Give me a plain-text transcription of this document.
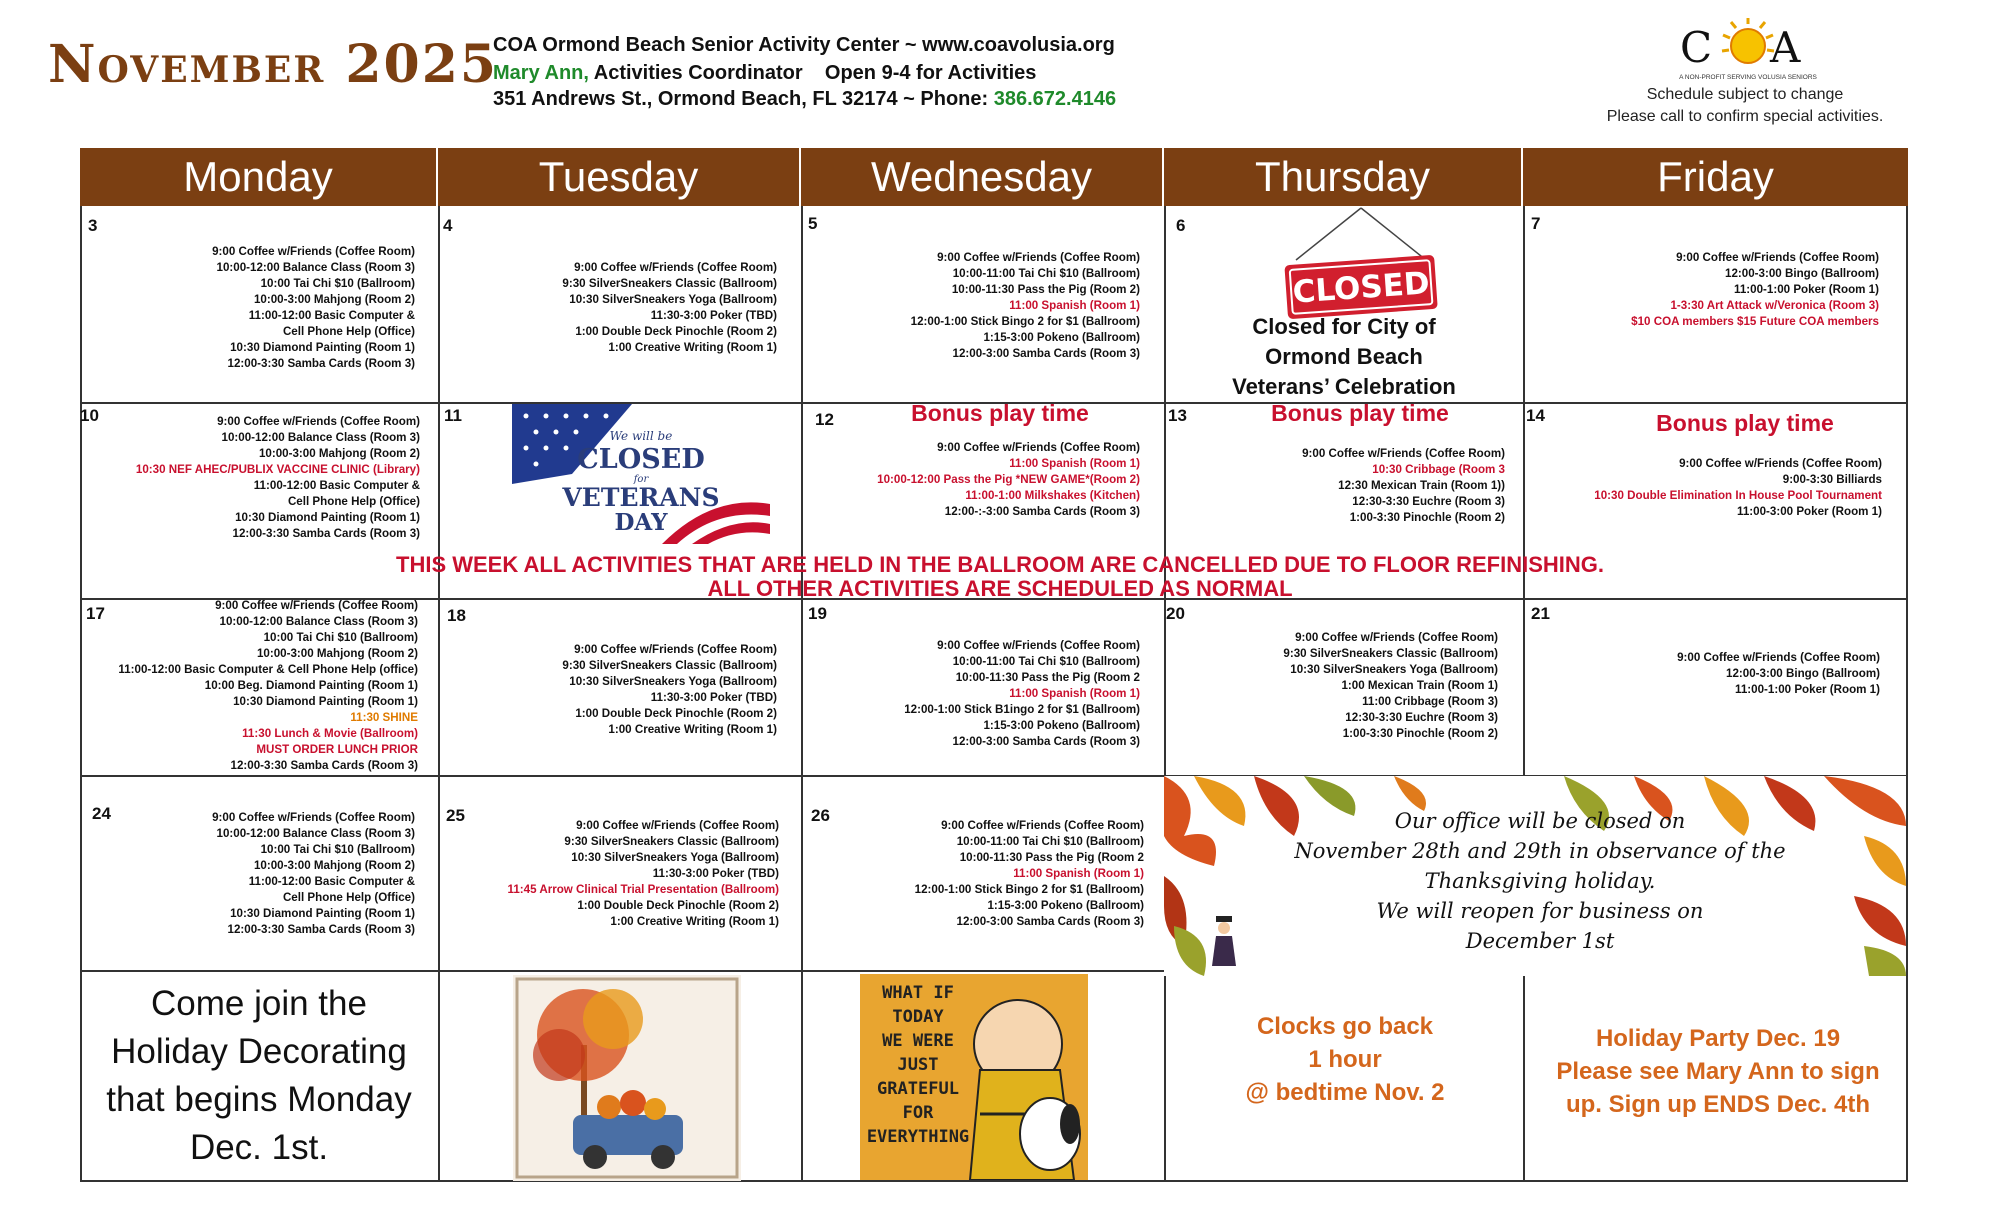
November 2025
COA Ormond Beach Senior Activity Center ~ www.coavolusia.org
Mary Ann, Activities Coordinator    Open 9-4 for Activities
351 Andrews St., Ormond Beach, FL 32174 ~ Phone: 386.672.4146
C A
A NON-PROFIT SERVING VOLUSIA SENIORS
Schedule subject to change
Please call to confirm special activities.
Monday	Tuesday	Wednesday	Thursday	Friday
3
9:00 Coffee w/Friends (Coffee Room)
10:00-12:00 Balance Class (Room 3)
10:00 Tai Chi $10 (Ballroom)
10:00-3:00 Mahjong (Room 2)
11:00-12:00 Basic Computer &
Cell Phone Help (Office)
10:30 Diamond Painting (Room 1)
12:00-3:30 Samba Cards (Room 3)
4
9:00 Coffee w/Friends (Coffee Room)
9:30 SilverSneakers Classic (Ballroom)
10:30 SilverSneakers Yoga (Ballroom)
11:30-3:00 Poker (TBD)
1:00 Double Deck Pinochle (Room 2)
1:00 Creative Writing (Room 1)
5
9:00 Coffee w/Friends (Coffee Room)
10:00-11:00 Tai Chi $10 (Ballroom)
10:00-11:30 Pass the Pig (Room 2)
11:00 Spanish (Room 1)
12:00-1:00 Stick Bingo 2 for $1 (Ballroom)
1:15-3:00 Pokeno (Ballroom)
12:00-3:00 Samba Cards (Room 3)
6
CLOSED
Closed for City of
Ormond Beach
Veterans’ Celebration
7
9:00 Coffee w/Friends (Coffee Room)
12:00-3:00 Bingo (Ballroom)
11:00-1:00 Poker (Room 1)
1-3:30 Art Attack w/Veronica (Room 3)
$10 COA members $15 Future COA members
10	9:00 Coffee w/Friends (Coffee Room)
10:00-12:00 Balance Class (Room 3)
10:00-3:00 Mahjong (Room 2)
10:30 NEF AHEC/PUBLIX VACCINE CLINIC (Library)
11:00-12:00 Basic Computer &
Cell Phone Help (Office)
10:30 Diamond Painting (Room 1)
12:00-3:30 Samba Cards (Room 3)
11
We will be
CLOSED
for
VETERANS
DAY
12	Bonus play time
9:00 Coffee w/Friends (Coffee Room)
11:00 Spanish (Room 1)
10:00-12:00 Pass the Pig *NEW GAME*(Room 2)
11:00-1:00 Milkshakes (Kitchen)
12:00-:-3:00 Samba Cards (Room 3)
13	Bonus play time
9:00 Coffee w/Friends (Coffee Room)
10:30 Cribbage (Room 3
12:30 Mexican Train (Room 1))
12:30-3:30 Euchre (Room 3)
1:00-3:30 Pinochle (Room 2)
14	Bonus play time
9:00 Coffee w/Friends (Coffee Room)
9:00-3:30 Billiards
10:30 Double Elimination In House Pool Tournament
11:00-3:00 Poker (Room 1)
THIS WEEK ALL ACTIVITIES THAT ARE HELD IN THE BALLROOM ARE CANCELLED DUE TO FLOOR REFINISHING.
ALL OTHER ACTIVITIES ARE SCHEDULED AS NORMAL
17	9:00 Coffee w/Friends (Coffee Room)
10:00-12:00 Balance Class (Room 3)
10:00 Tai Chi $10 (Ballroom)
10:00-3:00 Mahjong (Room 2)
11:00-12:00 Basic Computer & Cell Phone Help (office)
10:00 Beg. Diamond Painting (Room 1)
10:30 Diamond Painting (Room 1)
11:30 SHINE
11:30 Lunch & Movie (Ballroom)
MUST ORDER LUNCH PRIOR
12:00-3:30 Samba Cards (Room 3)
18
9:00 Coffee w/Friends (Coffee Room)
9:30 SilverSneakers Classic (Ballroom)
10:30 SilverSneakers Yoga (Ballroom)
11:30-3:00 Poker (TBD)
1:00 Double Deck Pinochle (Room 2)
1:00 Creative Writing (Room 1)
19
9:00 Coffee w/Friends (Coffee Room)
10:00-11:00 Tai Chi $10 (Ballroom)
10:00-11:30 Pass the Pig (Room 2
11:00 Spanish (Room 1)
12:00-1:00 Stick B1ingo 2 for $1 (Ballroom)
1:15-3:00 Pokeno (Ballroom)
12:00-3:00 Samba Cards (Room 3)
20
9:00 Coffee w/Friends (Coffee Room)
9:30 SilverSneakers Classic (Ballroom)
10:30 SilverSneakers Yoga (Ballroom)
1:00 Mexican Train (Room 1)
11:00 Cribbage (Room 3)
12:30-3:30 Euchre (Room 3)
1:00-3:30 Pinochle (Room 2)
21
9:00 Coffee w/Friends (Coffee Room)
12:00-3:00 Bingo (Ballroom)
11:00-1:00 Poker (Room 1)
24	9:00 Coffee w/Friends (Coffee Room)
10:00-12:00 Balance Class (Room 3)
10:00 Tai Chi $10 (Ballroom)
10:00-3:00 Mahjong (Room 2)
11:00-12:00 Basic Computer &
Cell Phone Help (Office)
10:30 Diamond Painting (Room 1)
12:00-3:30 Samba Cards (Room 3)
25
9:00 Coffee w/Friends (Coffee Room)
9:30 SilverSneakers Classic (Ballroom)
10:30 SilverSneakers Yoga (Ballroom)
11:30-3:00 Poker (TBD)
11:45 Arrow Clinical Trial Presentation (Ballroom)
1:00 Double Deck Pinochle (Room 2)
1:00 Creative Writing (Room 1)
26
9:00 Coffee w/Friends (Coffee Room)
10:00-11:00 Tai Chi $10 (Ballroom)
10:00-11:30 Pass the Pig (Room 2
11:00 Spanish (Room 1)
12:00-1:00 Stick Bingo 2 for $1 (Ballroom)
1:15-3:00 Pokeno (Ballroom)
12:00-3:00 Samba Cards (Room 3)
Our office will be closed on
November 28th and 29th in observance of the
Thanksgiving holiday.
We will reopen for business on
December 1st
Come join the
Holiday Decorating
that begins Monday
Dec. 1st.
WHAT IF
TODAY
WE WERE
JUST
GRATEFUL
FOR
EVERYTHING
Clocks go back
1 hour
@ bedtime Nov. 2
Holiday Party Dec. 19
Please see Mary Ann to sign
up. Sign up ENDS Dec. 4th
